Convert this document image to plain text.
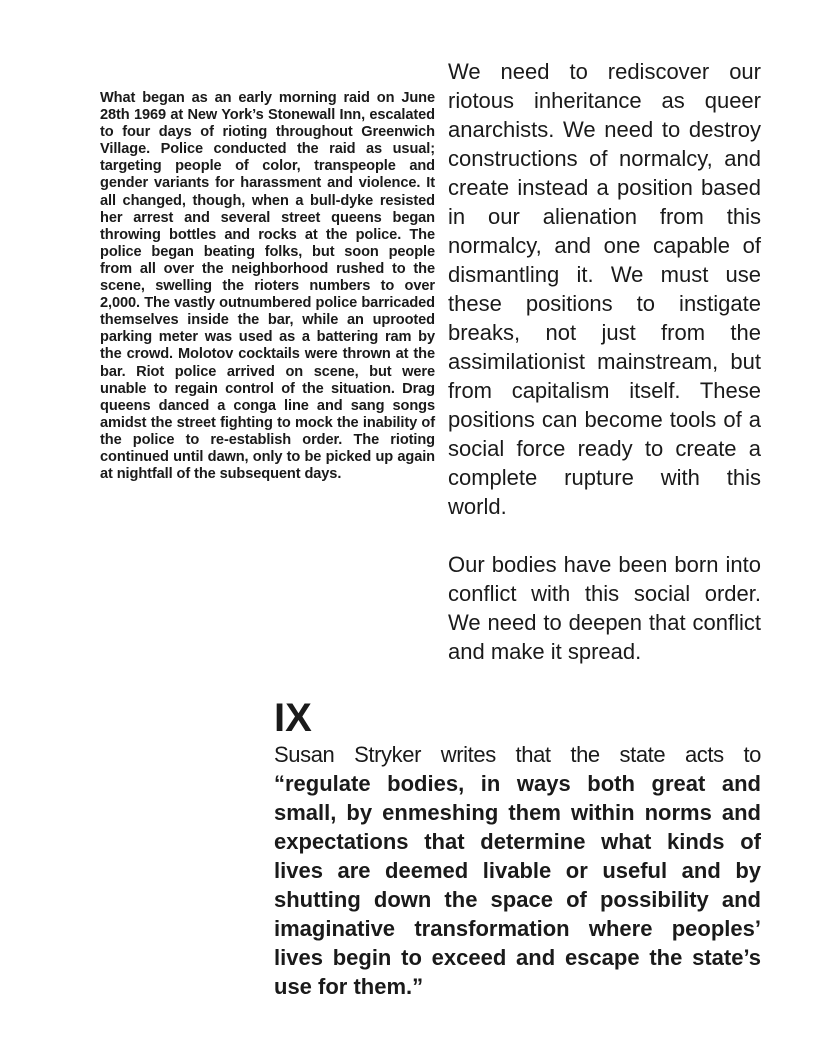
What began as an early morning raid on June 28th 1969 at New York’s Stonewall Inn, escalated to four days of rioting throughout Greenwich Village. Police conducted the raid as usual; targeting people of color, transpeople and gender variants for harassment and violence. It all changed, though, when a bull-dyke resisted her arrest and several street queens began throwing bottles and rocks at the police. The police began beating folks, but soon people from all over the neighborhood rushed to the scene, swelling the rioters numbers to over 2,000. The vastly outnumbered police barricaded themselves inside the bar, while an uprooted parking meter was used as a battering ram by the crowd. Molotov cocktails were thrown at the bar. Riot police arrived on scene, but were unable to regain control of the situation. Drag queens danced a conga line and sang songs amidst the street fighting to mock the inability of the police to re-establish order. The rioting continued until dawn, only to be picked up again at nightfall of the subsequent days.

We need to rediscover our riotous inheritance as queer anarchists. We need to destroy constructions of normalcy, and create instead a position based in our alienation from this normalcy, and one capable of dismantling it. We must use these positions to instigate breaks, not just from the assimilationist mainstream, but from capitalism itself. These positions can become tools of a social force ready to create a complete rupture with this world.

Our bodies have been born into conflict with this social order. We need to deepen that conflict and make it spread.

IX

Susan Stryker writes that the state acts to “regulate bodies, in ways both great and small, by enmeshing them within norms and expectations that determine what kinds of lives are deemed livable or useful and by shutting down the space of possibility and imaginative transformation where peoples’ lives begin to exceed and escape the state’s use for them.”
